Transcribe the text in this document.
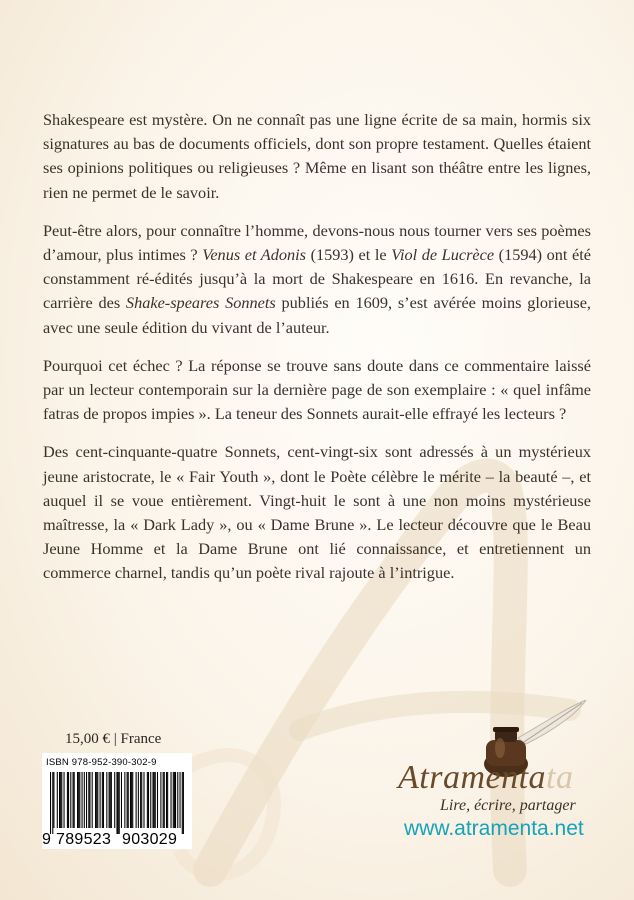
Shakespeare est mystère. On ne connaît pas une ligne écrite de sa main, hormis six signatures au bas de documents officiels, dont son propre testament. Quelles étaient ses opinions politiques ou religieuses ? Même en lisant son théâtre entre les lignes, rien ne permet de le savoir.

Peut-être alors, pour connaître l’homme, devons-nous nous tourner vers ses poèmes d’amour, plus intimes ? Venus et Adonis (1593) et le Viol de Lucrèce (1594) ont été constamment ré-édités jusqu’à la mort de Shakespeare en 1616. En revanche, la carrière des Shake-speares Sonnets publiés en 1609, s’est avérée moins glorieuse, avec une seule édition du vivant de l’auteur.

Pourquoi cet échec ? La réponse se trouve sans doute dans ce commentaire laissé par un lecteur contemporain sur la dernière page de son exemplaire : « quel infâme fatras de propos impies ». La teneur des Sonnets aurait-elle effrayé les lecteurs ?

Des cent-cinquante-quatre Sonnets, cent-vingt-six sont adressés à un mystérieux jeune aristocrate, le « Fair Youth », dont le Poète célèbre le mérite – la beauté –, et auquel il se voue entièrement. Vingt-huit le sont à une non moins mystérieuse maîtresse, la « Dark Lady », ou « Dame Brune ». Le lecteur découvre que le Beau Jeune Homme et la Dame Brune ont lié connaissance, et entretiennent un commerce charnel, tandis qu’un poète rival rajoute à l’intrigue.

15,00 € | France
ISBN 978-952-390-302-9
9 789523 903029
Atramentata
Lire, écrire, partager
www.atramenta.net
